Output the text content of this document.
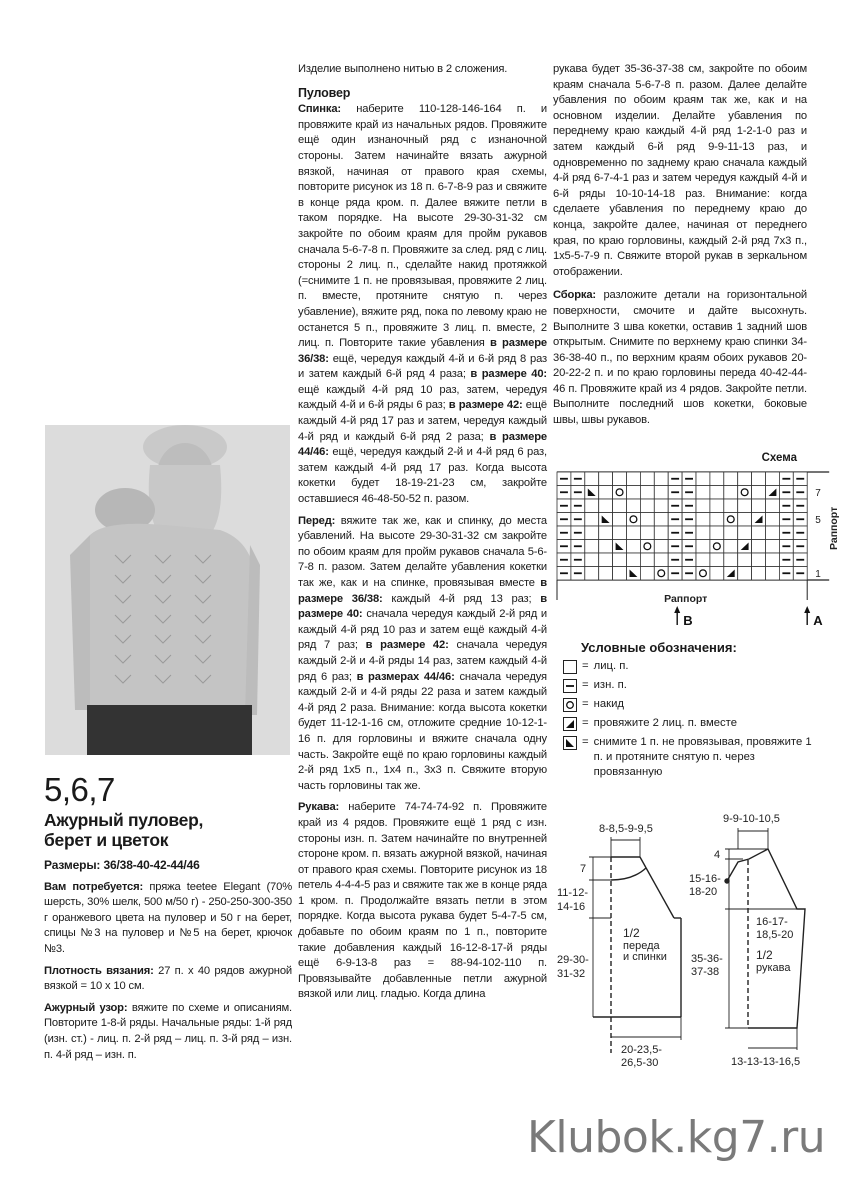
5,6,7
Ажурный пуловер,
берет и цветок
Размеры: 36/38-40-42-44/46

Вам потребуется: пряжа teetee Elegant (70% шерсть, 30% шелк, 500 м/50 г) - 250-250-300-350 г оранжевого цвета на пуловер и 50 г на берет, спицы №3 на пуловер и №5 на берет, крючок №3.

Плотность вязания: 27 п. х 40 рядов ажурной вязкой = 10 х 10 см.

Ажурный узор: вяжите по схеме и описаниям. Повторите 1-8-й ряды. Начальные ряды: 1-й ряд (изн. ст.) - лиц. п. 2-й ряд – лиц. п. 3-й ряд – изн. п. 4-й ряд – изн. п.

Изделие выполнено нитью в 2 сложения.

Пуловер

Спинка: наберите 110-128-146-164 п. и провяжите край из начальных рядов. Провяжите ещё один изнаночный ряд с изнаночной стороны. Затем начинайте вязать ажурной вязкой, начиная от правого края схемы, повторите рисунок из 18 п. 6-7-8-9 раз и свяжите в конце ряда кром. п. Далее вяжите петли в таком порядке. На высоте 29-30-31-32 см закройте по обоим краям для пройм рукавов сначала 5-6-7-8 п. Провяжите за след. ряд с лиц. стороны 2 лиц. п., сделайте накид протяжкой (=снимите 1 п. не провязывая, провяжите 2 лиц. п. вместе, протяните снятую п. через убавление), вяжите ряд, пока по левому краю не останется 5 п., провяжите 3 лиц. п. вместе, 2 лиц. п. Повторите такие убавления в размере 36/38: ещё, чередуя каждый 4-й и 6-й ряд 8 раз и затем каждый 6-й ряд 4 раза; в размере 40: ещё каждый 4-й ряд 10 раз, затем, чередуя каждый 4-й и 6-й ряды 6 раз; в размере 42: ещё каждый 4-й ряд 17 раз и затем, чередуя каждый 4-й ряд и каждый 6-й ряд 2 раза; в размере 44/46: ещё, чередуя каждый 2-й и 4-й ряд 6 раз, затем каждый 4-й ряд 17 раз. Когда высота кокетки будет 18-19-21-23 см, закройте оставшиеся 46-48-50-52 п. разом.

Перед: вяжите так же, как и спинку, до места убавлений. На высоте 29-30-31-32 см закройте по обоим краям для пройм рукавов сначала 5-6-7-8 п. разом. Затем делайте убавления кокетки так же, как и на спинке, провязывая вместе в размере 36/38: каждый 4-й ряд 13 раз; в размере 40: сначала чередуя каждый 2-й ряд и каждый 4-й ряд 10 раз и затем ещё каждый 4-й ряд 7 раз; в размере 42: сначала чередуя каждый 2-й и 4-й ряды 14 раз, затем каждый 4-й ряд 6 раз; в размерах 44/46: сначала чередуя каждый 2-й и 4-й ряды 22 раза и затем каждый 4-й ряд 2 раза. Внимание: когда высота кокетки будет 11-12-1-16 см, отложите средние 10-12-1-16 п. для горловины и вяжите сначала одну часть. Закройте ещё по краю горловины каждый 2-й ряд 1х5 п., 1х4 п., 3х3 п. Свяжите вторую часть горловины так же.

Рукава: наберите 74-74-74-92 п. Провяжите край из 4 рядов. Провяжите ещё 1 ряд с изн. стороны изн. п. Затем начинайте по внутренней стороне кром. п. вязать ажурной вязкой, начиная от правого края схемы. Повторите рисунок из 18 петель 4-4-4-5 раз и свяжите так же в конце ряда 1 кром. п. Продолжайте вязать петли в этом порядке. Когда высота рукава будет 5-4-7-5 см, добавьте по обоим краям по 1 п., повторите такие добавления каждый 16-12-8-17-й ряды ещё 6-9-13-8 раз = 88-94-102-110 п. Провязывайте добавленные петли ажурной вязкой или лиц. гладью. Когда длина

рукава будет 35-36-37-38 см, закройте по обоим краям сначала 5-6-7-8 п. разом. Далее делайте убавления по обоим краям так же, как и на основном изделии. Делайте убавления по переднему краю каждый 4-й ряд 1-2-1-0 раз и затем каждый 6-й ряд 9-9-11-13 раз, и одновременно по заднему краю сначала каждый 4-й ряд 6-7-4-1 раз и затем чередуя каждый 4-й и 6-й ряды 10-10-14-18 раз. Внимание: когда сделаете убавления по переднему краю до конца, закройте далее, начиная от переднего края, по краю горловины, каждый 2-й ряд 7х3 п., 1х5-5-7-9 п. Свяжите второй рукав в зеркальном отображении.

Сборка: разложите детали на горизонтальной поверхности, смочите и дайте высохнуть. Выполните 3 шва кокетки, оставив 1 задний шов открытым. Снимите по верхнему краю спинки 34-36-38-40 п., по верхним краям обоих рукавов 20-20-22-2 п. и по краю горловины переда 40-42-44-46 п. Провяжите край из 4 рядов. Закройте петли. Выполните последний шов кокетки, боковые швы, швы рукавов.

Схема
7
5
1
Раппорт
Раппорт
B	A
Условные обозначения:
= лиц. п.
= изн. п.
= накид
= провяжите 2 лиц. п. вместе
= снимите 1 п. не провязывая, провяжите 1 п. и протяните снятую п. через провязанную
8-8,5-9-9,5
7
11-12-
14-16
29-30-
31-32
1/2
переда
и спинки
20-23,5-
26,5-30
9-9-10-10,5
4
15-16-
18-20
16-17-
18,5-20
35-36-
37-38
1/2
рукава
13-13-13-16,5
Klubok.kg7.ru
